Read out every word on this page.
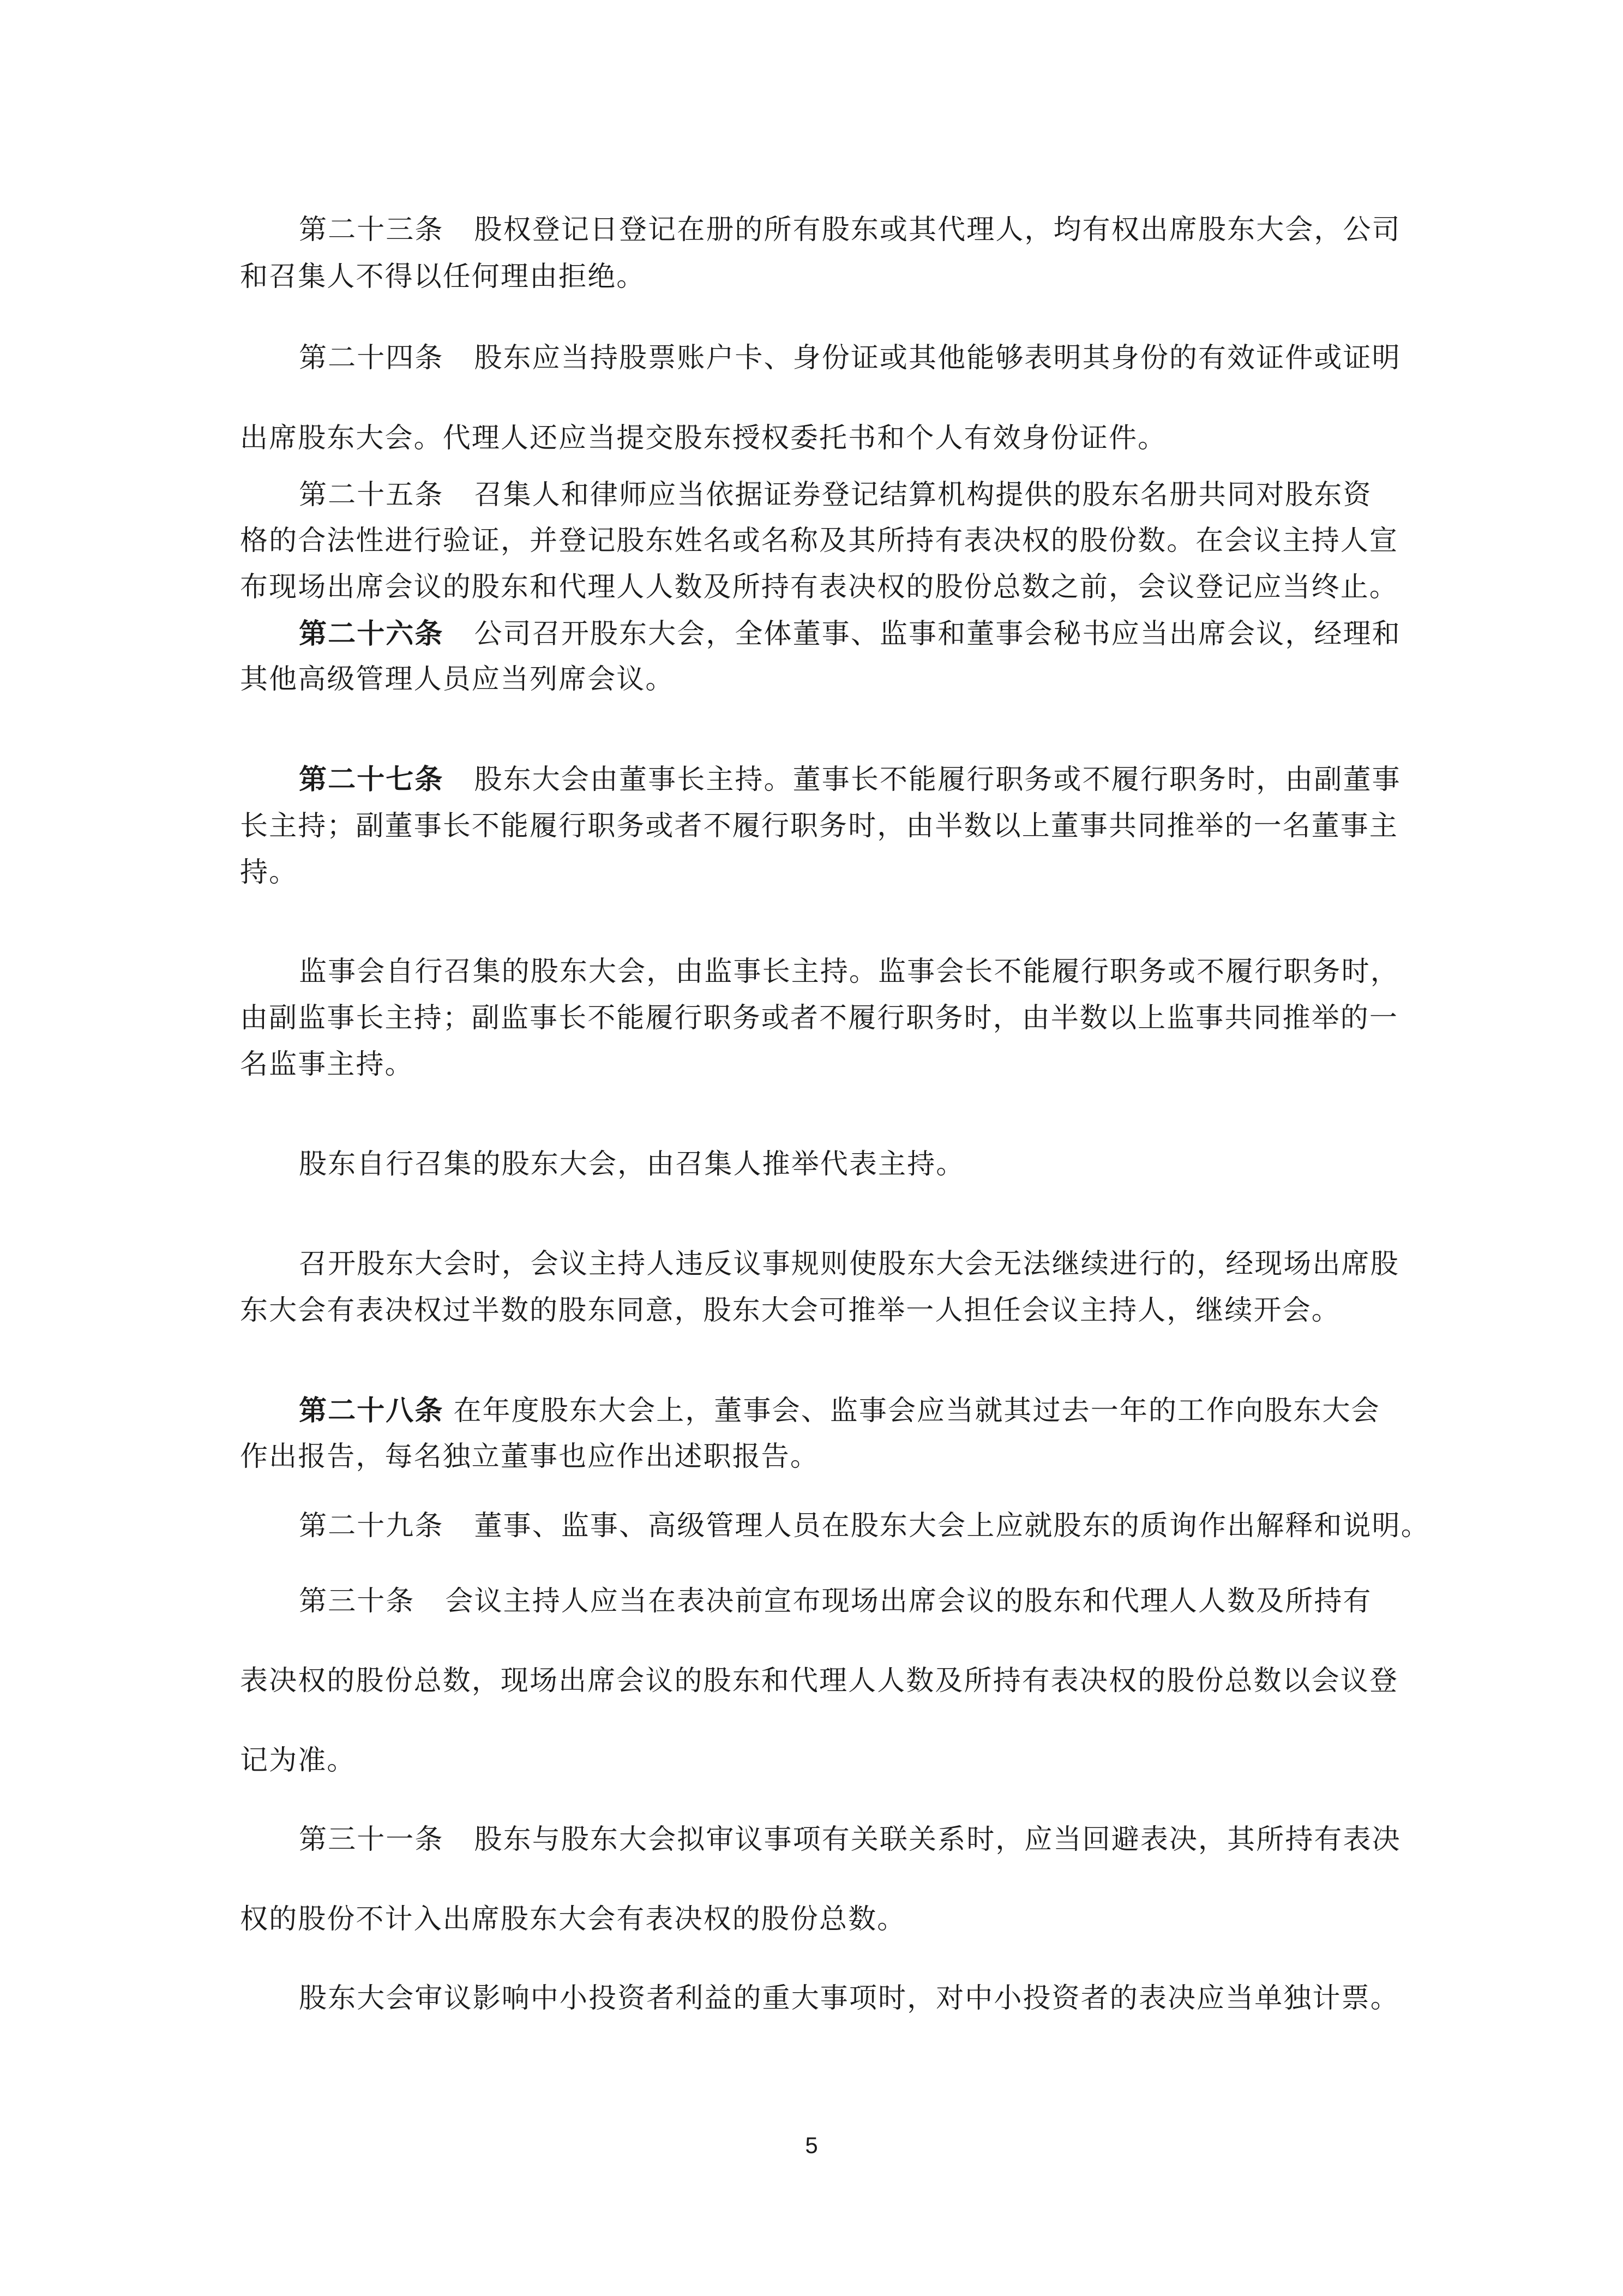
第二十三条 股权登记日登记在册的所有股东或其代理人，均有权出席股东大会，公司
和召集人不得以任何理由拒绝。
第二十四条 股东应当持股票账户卡、身份证或其他能够表明其身份的有效证件或证明
出席股东大会。代理人还应当提交股东授权委托书和个人有效身份证件。
第二十五条 召集人和律师应当依据证券登记结算机构提供的股东名册共同对股东资
格的合法性进行验证，并登记股东姓名或名称及其所持有表决权的股份数。在会议主持人宣
布现场出席会议的股东和代理人人数及所持有表决权的股份总数之前，会议登记应当终止。
第二十六条 公司召开股东大会，全体董事、监事和董事会秘书应当出席会议，经理和
其他高级管理人员应当列席会议。
第二十七条 股东大会由董事长主持。董事长不能履行职务或不履行职务时，由副董事
长主持；副董事长不能履行职务或者不履行职务时，由半数以上董事共同推举的一名董事主
持。
监事会自行召集的股东大会，由监事长主持。监事会长不能履行职务或不履行职务时，
由副监事长主持；副监事长不能履行职务或者不履行职务时，由半数以上监事共同推举的一
名监事主持。
股东自行召集的股东大会，由召集人推举代表主持。
召开股东大会时，会议主持人违反议事规则使股东大会无法继续进行的，经现场出席股
东大会有表决权过半数的股东同意，股东大会可推举一人担任会议主持人，继续开会。
第二十八条 在年度股东大会上，董事会、监事会应当就其过去一年的工作向股东大会
作出报告，每名独立董事也应作出述职报告。
第二十九条 董事、监事、高级管理人员在股东大会上应就股东的质询作出解释和说明。
第三十条 会议主持人应当在表决前宣布现场出席会议的股东和代理人人数及所持有
表决权的股份总数，现场出席会议的股东和代理人人数及所持有表决权的股份总数以会议登
记为准。
第三十一条 股东与股东大会拟审议事项有关联关系时，应当回避表决，其所持有表决
权的股份不计入出席股东大会有表决权的股份总数。
股东大会审议影响中小投资者利益的重大事项时，对中小投资者的表决应当单独计票。
5
